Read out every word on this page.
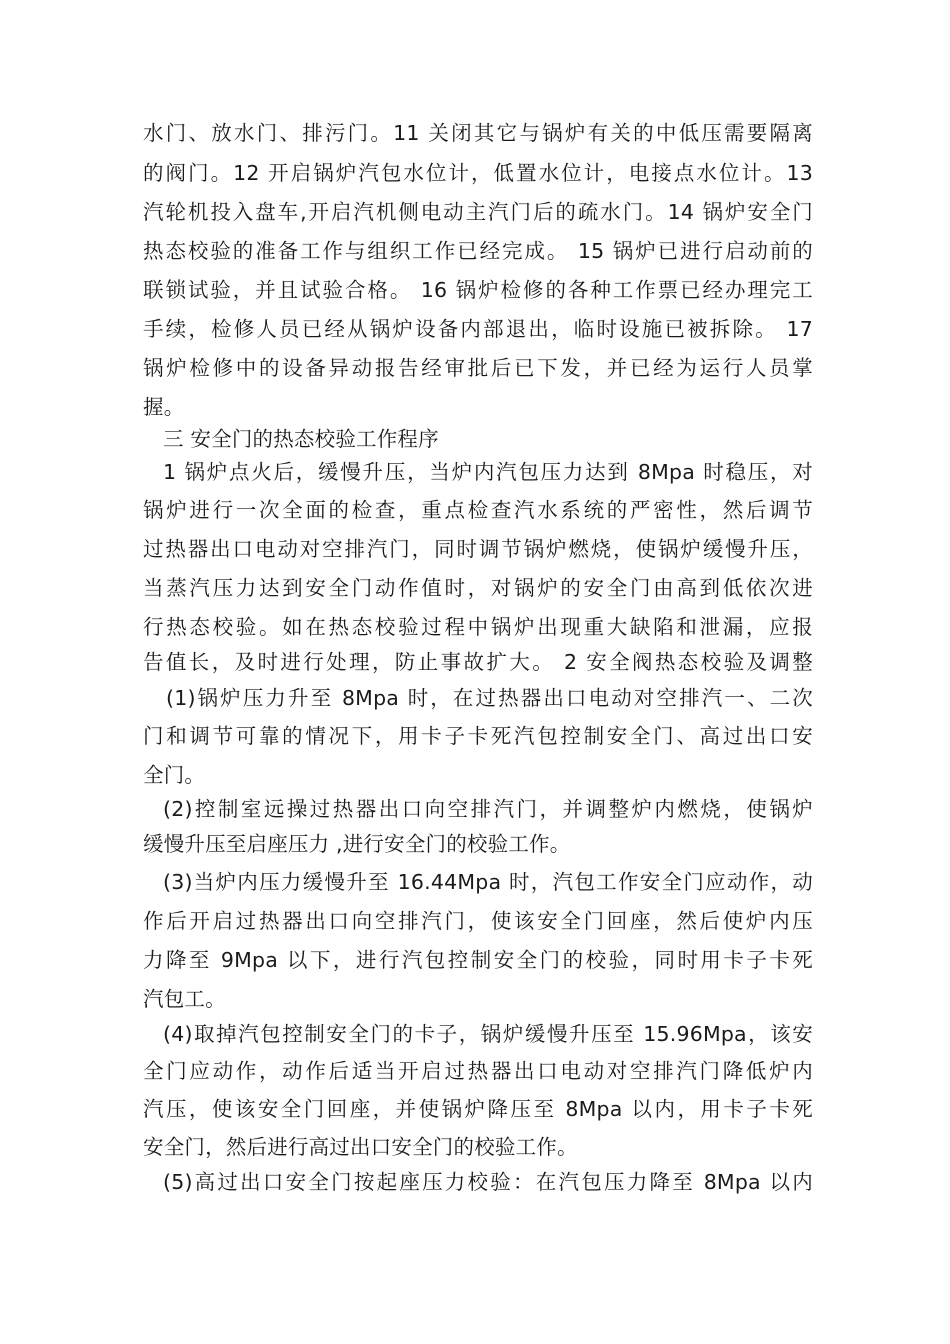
水门、放水门、排污门。11 关闭其它与锅炉有关的中低压需要隔离
的阀门。12 开启锅炉汽包水位计，低置水位计，电接点水位计。13
汽轮机投入盘车,开启汽机侧电动主汽门后的疏水门。14 锅炉安全门
热态校验的准备工作与组织工作已经完成。 15 锅炉已进行启动前的
联锁试验，并且试验合格。 16 锅炉检修的各种工作票已经办理完工
手续，检修人员已经从锅炉设备内部退出，临时设施已被拆除。 17
锅炉检修中的设备异动报告经审批后已下发，并已经为运行人员掌
握。
三 安全门的热态校验工作程序
1 锅炉点火后，缓慢升压，当炉内汽包压力达到 8Mpa 时稳压，对
锅炉进行一次全面的检查，重点检查汽水系统的严密性，然后调节
过热器出口电动对空排汽门，同时调节锅炉燃烧，使锅炉缓慢升压，
当蒸汽压力达到安全门动作值时，对锅炉的安全门由高到低依次进
行热态校验。如在热态校验过程中锅炉出现重大缺陷和泄漏，应报
告值长，及时进行处理，防止事故扩大。 2 安全阀热态校验及调整
(1)锅炉压力升至 8Mpa 时，在过热器出口电动对空排汽一、二次
门和调节可靠的情况下，用卡子卡死汽包控制安全门、高过出口安
全门。
(2)控制室远操过热器出口向空排汽门，并调整炉内燃烧，使锅炉
缓慢升压至启座压力 ,进行安全门的校验工作。
(3)当炉内压力缓慢升至 16.44Mpa 时，汽包工作安全门应动作，动
作后开启过热器出口向空排汽门，使该安全门回座，然后使炉内压
力降至 9Mpa 以下，进行汽包控制安全门的校验，同时用卡子卡死
汽包工。
(4)取掉汽包控制安全门的卡子，锅炉缓慢升压至 15.96Mpa，该安
全门应动作，动作后适当开启过热器出口电动对空排汽门降低炉内
汽压，使该安全门回座，并使锅炉降压至 8Mpa 以内，用卡子卡死
安全门，然后进行高过出口安全门的校验工作。
(5)高过出口安全门按起座压力校验：在汽包压力降至 8Mpa 以内
